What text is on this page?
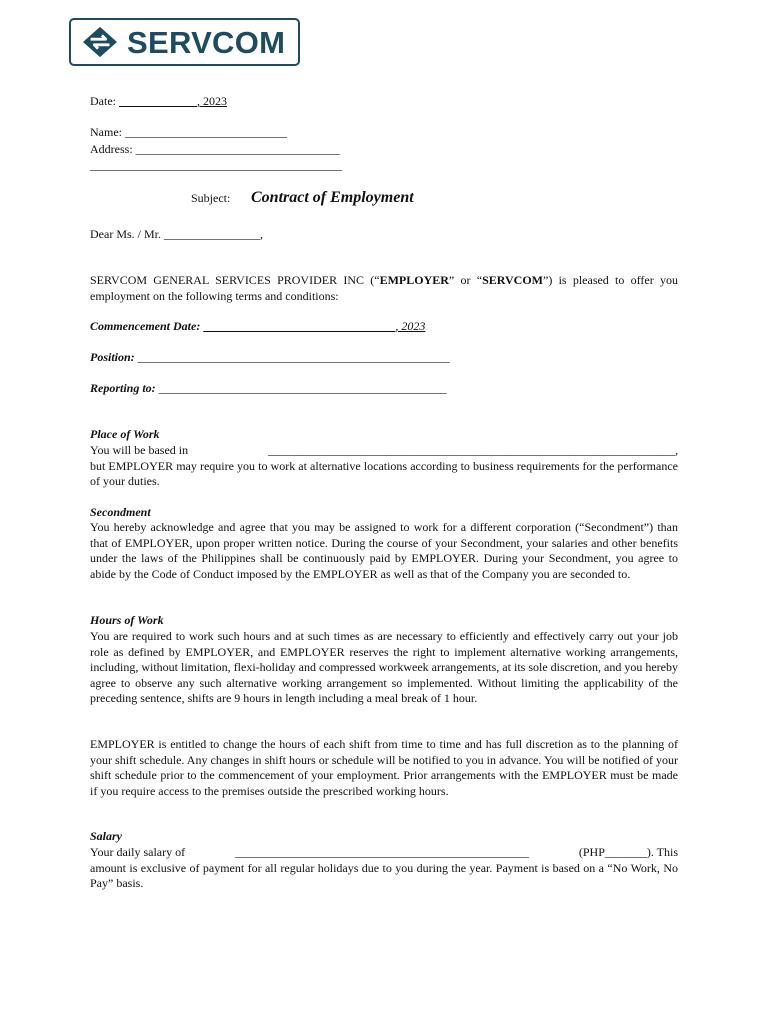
SERVCOM
Date: _____________, 2023
Name: ___________________________
Address: __________________________________
__________________________________________
Subject: Contract of Employment
Dear Ms. / Mr. ________________,
SERVCOM GENERAL SERVICES PROVIDER INC (“EMPLOYER” or “SERVCOM”) is pleased to offer you employment on the following terms and conditions:
Commencement Date: ________________________________, 2023
Position: ____________________________________________________
Reporting to: ________________________________________________
Place of Work
You will be based in	_____________________________________________________________________,
but EMPLOYER may require you to work at alternative locations according to business requirements for the performance of your duties.
Secondment
You hereby acknowledge and agree that you may be assigned to work for a different corporation (“Secondment”) than that of EMPLOYER, upon proper written notice. During the course of your Secondment, your salaries and other benefits under the laws of the Philippines shall be continuously paid by EMPLOYER. During your Secondment, you agree to abide by the Code of Conduct imposed by the EMPLOYER as well as that of the Company you are seconded to.
Hours of Work
You are required to work such hours and at such times as are necessary to efficiently and effectively carry out your job role as defined by EMPLOYER, and EMPLOYER reserves the right to implement alternative working arrangements, including, without limitation, flexi-holiday and compressed workweek arrangements, at its sole discretion, and you hereby agree to observe any such alternative working arrangement so implemented. Without limiting the applicability of the preceding sentence, shifts are 9 hours in length including a meal break of 1 hour.
EMPLOYER is entitled to change the hours of each shift from time to time and has full discretion as to the planning of your shift schedule. Any changes in shift hours or schedule will be notified to you in advance. You will be notified of your shift schedule prior to the commencement of your employment. Prior arrangements with the EMPLOYER must be made if you require access to the premises outside the prescribed working hours.
Salary
Your daily salary of	_________________________________________________	(PHP_______). This
amount is exclusive of payment for all regular holidays due to you during the year. Payment is based on a “No Work, No Pay” basis.
